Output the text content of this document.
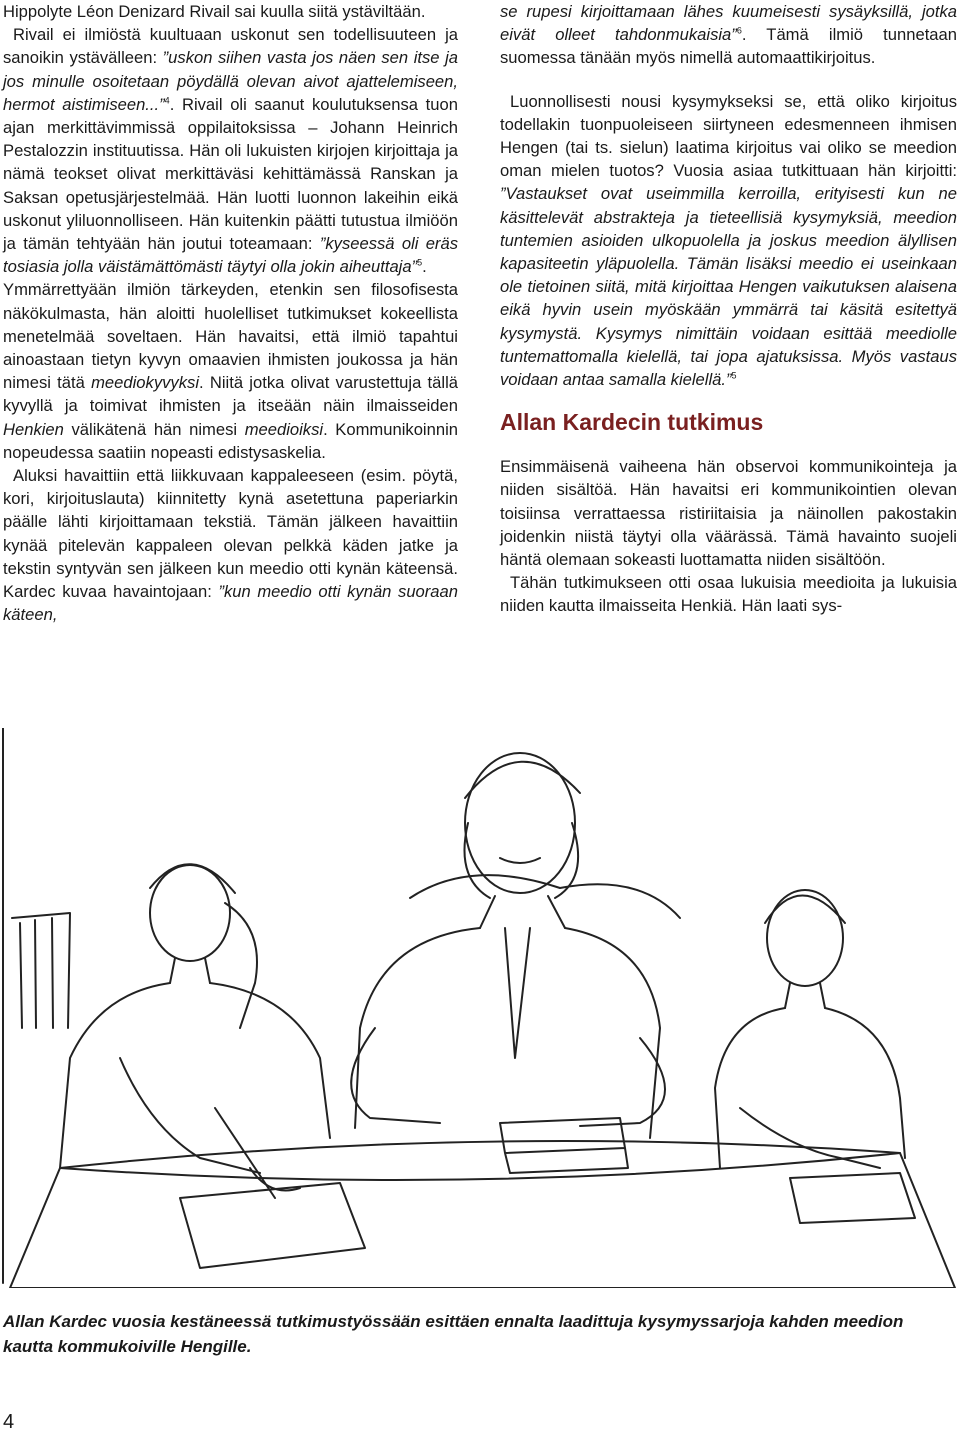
Hippolyte Léon Denizard Rivail sai kuulla siitä ystäviltään.

Rivail ei ilmiöstä kuultuaan uskonut sen todellisuuteen ja sanoikin ystävälleen: ”uskon siihen vasta jos näen sen itse ja jos minulle osoitetaan pöydällä olevan aivot ajattelemiseen, hermot aistimiseen...”$^4$. Rivail oli saanut koulutuksensa tuon ajan merkittävimmissä oppilaitoksissa – Johann Heinrich Pestalozzin instituutissa. Hän oli lukuisten kirjojen kirjoittaja ja nämä teokset olivat merkittäväsi kehittämässä Ranskan ja Saksan opetusjärjestelmää. Hän luotti luonnon lakeihin eikä uskonut yliluonnolliseen. Hän kuitenkin päätti tutustua ilmiöön ja tämän tehtyään hän joutui toteamaan: ”kyseessä oli eräs tosiasia jolla väistämättömästi täytyi olla jokin aiheuttaja”$^5$.

Ymmärrettyään ilmiön tärkeyden, etenkin sen filosofisesta näkökulmasta, hän aloitti huolelliset tutkimukset kokeellista menetelmää soveltaen. Hän havaitsi, että ilmiö tapahtui ainoastaan tietyn kyvyn omaavien ihmisten joukossa ja hän nimesi tätä meediokyvyksi. Niitä jotka olivat varustettuja tällä kyvyllä ja toimivat ihmisten ja itseään näin ilmaisseiden Henkien välikätenä hän nimesi meedioiksi. Kommunikoinnin nopeudessa saatiin nopeasti edistysaskelia.

Aluksi havaittiin että liikkuvaan kappaleeseen (esim. pöytä, kori, kirjoituslauta) kiinnitetty kynä asetettuna paperiarkin päälle lähti kirjoittamaan tekstiä. Tämän jälkeen havaittiin kynää pitelevän kappaleen olevan pelkkä käden jatke ja tekstin syntyvän sen jälkeen kun meedio otti kynän käteensä. Kardec kuvaa havaintojaan: ”kun meedio otti kynän suoraan käteen,

se rupesi kirjoittamaan lähes kuumeisesti sysäyksillä, jotka eivät olleet tahdonmukaisia”$^6$. Tämä ilmiö tunnetaan suomessa tänään myös nimellä automaattikirjoitus.

Luonnollisesti nousi kysymykseksi se, että oliko kirjoitus todellakin tuonpuoleiseen siirtyneen edesmenneen ihmisen Hengen (tai ts. sielun) laatima kirjoitus vai oliko se meedion oman mielen tuotos? Vuosia asiaa tutkittuaan hän kirjoitti: ”Vastaukset ovat useimmilla kerroilla, erityisesti kun ne käsittelevät abstrakteja ja tieteellisiä kysymyksiä, meedion tuntemien asioiden ulkopuolella ja joskus meedion älyllisen kapasiteetin yläpuolella. Tämän lisäksi meedio ei useinkaan ole tietoinen siitä, mitä kirjoittaa Hengen vaikutuksen alaisena eikä hyvin usein myöskään ymmärrä tai käsitä esitettyä kysymystä. Kysymys nimittäin voidaan esittää meediolle tuntemattomalla kielellä, tai jopa ajatuksissa. Myös vastaus voidaan antaa samalla kielellä.”$^5$

Allan Kardecin tutkimus

Ensimmäisenä vaiheena hän observoi kommunikointeja ja niiden sisältöä. Hän havaitsi eri kommunikointien olevan toisiinsa verrattaessa ristiriitaisia ja näinollen pakostakin joidenkin niistä täytyi olla väärässä. Tämä havainto suojeli häntä olemaan sokeasti luottamatta niiden sisältöön.

Tähän tutkimukseen otti osaa lukuisia meedioita ja lukuisia niiden kautta ilmaisseita Henkiä. Hän laati sys-

Allan Kardec vuosia kestäneessä tutkimustyössään esittäen ennalta laadittuja kysymyssarjoja kahden meedion kautta kommukoiville Hengille.
4
